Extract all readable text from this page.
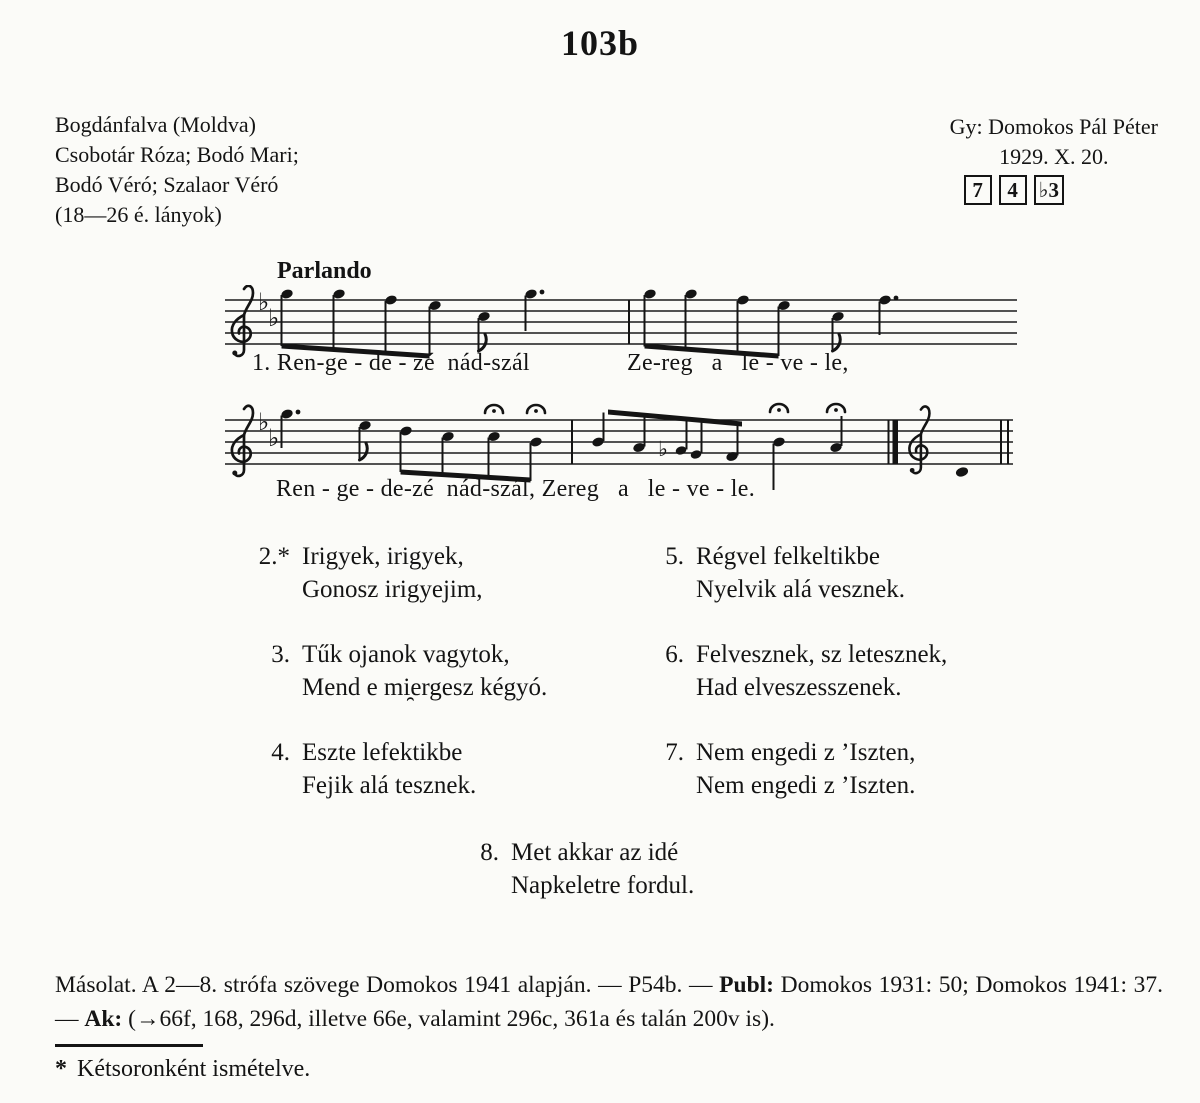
103b
Bogdánfalva (Moldva)
Csobotár Róza; Bodó Mari;
Bodó Véró; Szalaor Véró
(18—26 é. lányok)
Gy: Domokos Pál Péter
1929. X. 20.
7	4 ♭3
Parlando
♭
♭
1. Ren-ge - de - zé  nád-szál	Ze-reg   a   le - ve - le,
♭
♭	♭
Ren - ge - de-zé  nád-szál, Zereg   a   le - ve - le.
2.* Irigyek, irigyek,
Gonosz irigyejim,
3. Tűk ojanok vagytok,
Mend e mi̯ergesz kégyó.
4. Eszte lefektikbe
Fejik alá tesznek.
5. Régvel felkeltikbe
Nyelvik alá vesznek.
6. Felvesznek, sz letesznek,
Had elveszesszenek.
7. Nem engedi z ’Iszten,
Nem engedi z ’Iszten.
8. Met akkar az idé
Napkeletre fordul.
Másolat. A 2—8. strófa szövege Domokos 1941 alapján. — P54b. — Publ: Domokos 1931: 50; Domokos 1941: 37. — Ak: (→66f, 168, 296d, illetve 66e, valamint 296c, 361a és talán 200v is).
* Kétsoronként ismételve.
